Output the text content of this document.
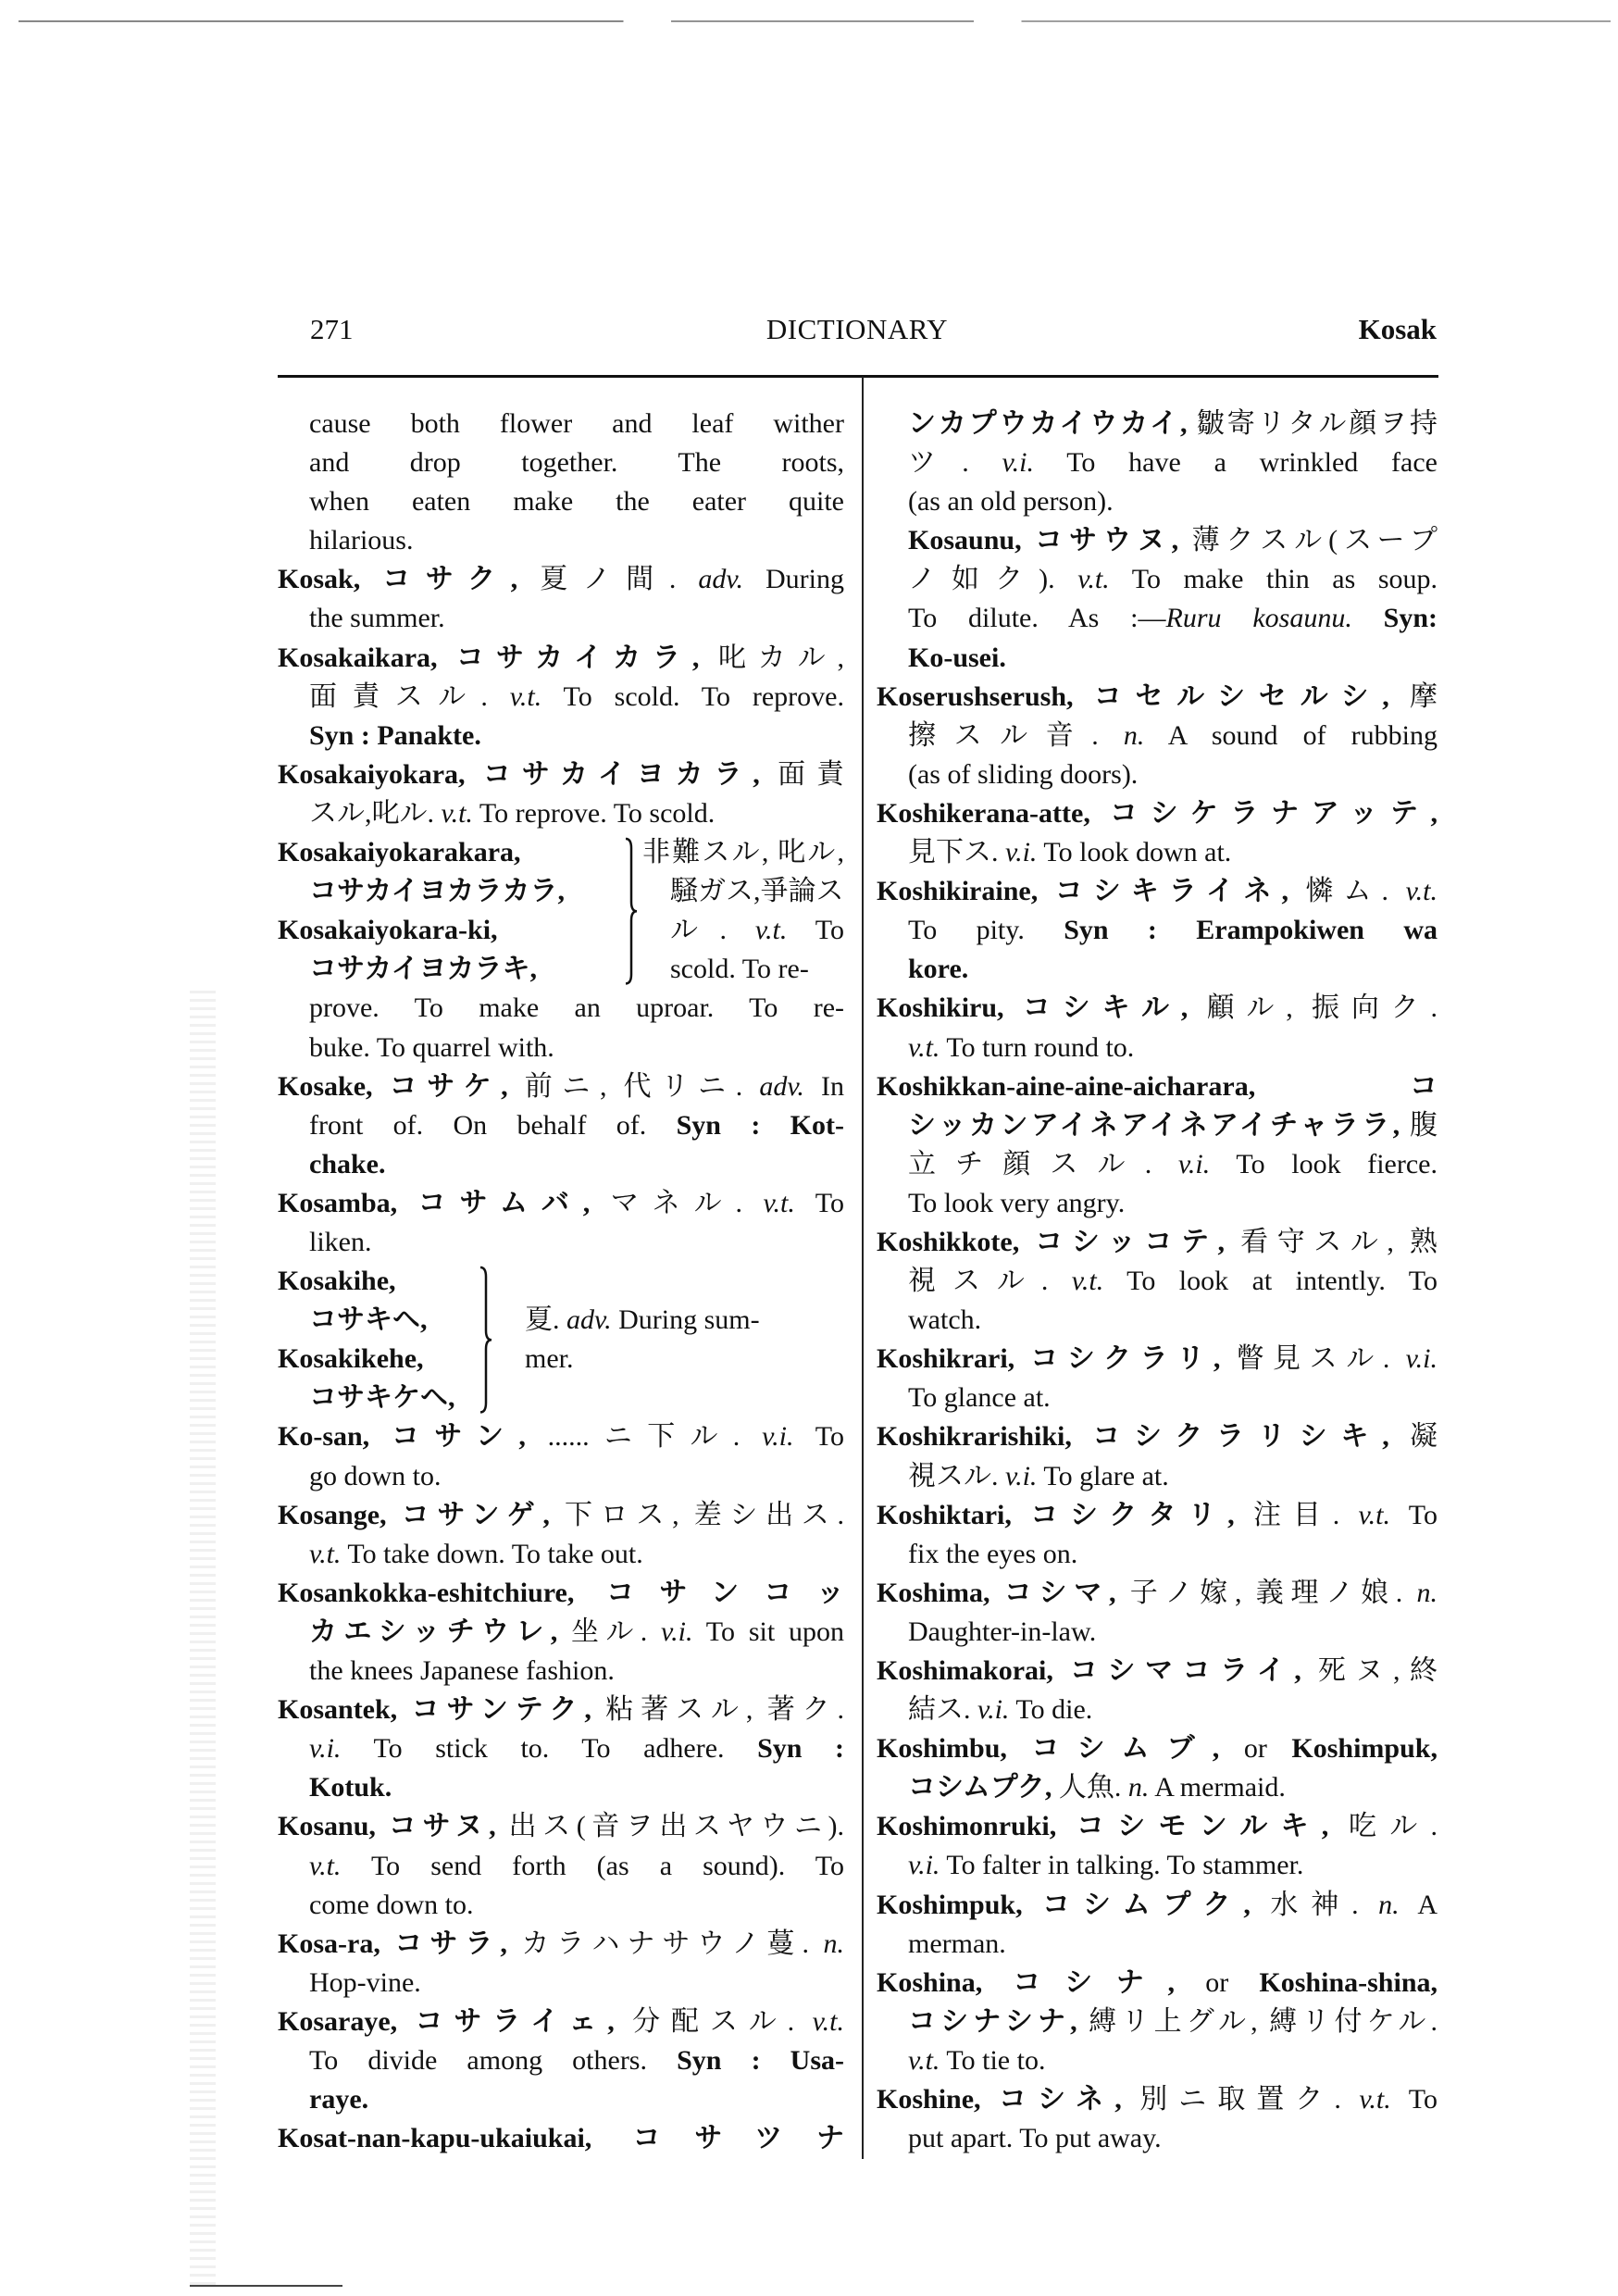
271	DICTIONARY	Kosak
cause both flower and leaf wither
and drop together. The roots,
when eaten make the eater quite
hilarious.
Kosak, コサク, 夏ノ間. adv. During
the summer.
Kosakaikara, コサカイカラ, 叱カル,
面責スル. v.t. To scold. To reprove.
Syn : Panakte.
Kosakaiyokara, コサカイヨカラ, 面責
スル,叱ル. v.t. To reprove. To scold.
Kosakaiyokarakara,
コサカイヨカラカラ,
Kosakaiyokara-ki,
コサカイヨカラキ,
非難スル, 叱ル,
騒ガス,爭論ス
ル. v.t. To
scold. To re-
prove. To make an uproar. To re-
buke. To quarrel with.
Kosake, コサケ, 前ニ, 代リニ. adv. In
front of. On behalf of. Syn : Kot-
chake.
Kosamba, コサムバ, マネル. v.t. To
liken.
Kosakihe,
コサキヘ,
Kosakikehe,
コサキケヘ,
夏. adv. During sum-
mer.
Ko-san, コサン, ......ニ下ル. v.i. To
go down to.
Kosange, コサンゲ, 下ロス, 差シ出ス.
v.t. To take down. To take out.
Kosankokka-eshitchiure, コサンコッ
カエシッチウレ, 坐ル. v.i. To sit upon
the knees Japanese fashion.
Kosantek, コサンテク, 粘著スル, 著ク.
v.i. To stick to. To adhere. Syn :
Kotuk.
Kosanu, コサヌ, 出ス(音ヲ出スヤウニ).
v.t. To send forth (as a sound). To
come down to.
Kosa-ra, コサラ, カラハナサウノ蔓. n.
Hop-vine.
Kosaraye, コサライェ, 分配スル. v.t.
To divide among others. Syn : Usa-
raye.
Kosat-nan-kapu-ukaiukai, コサツナ
ンカプウカイウカイ, 皺寄リタル顔ヲ持
ツ. v.i. To have a wrinkled face
(as an old person).
Kosaunu, コサウヌ, 薄クスル(スープ
ノ如ク). v.t. To make thin as soup.
To dilute. As :—Ruru kosaunu. Syn:
Ko-usei.
Koserushserush, コセルシセルシ, 摩
擦スル音. n. A sound of rubbing
(as of sliding doors).
Koshikerana-atte, コシケラナアッテ,
見下ス. v.i. To look down at.
Koshikiraine, コシキライネ, 憐ム. v.t.
To pity. Syn : Erampokiwen wa
kore.
Koshikiru, コシキル, 顧ル, 振向ク.
v.t. To turn round to.
Koshikkan-aine-aine-aicharara, コ
シッカンアイネアイネアイチャララ, 腹
立チ顔スル. v.i. To look fierce.
To look very angry.
Koshikkote, コシッコテ, 看守スル, 熟
視スル. v.t. To look at intently. To
watch.
Koshikrari, コシクラリ, 瞥見スル. v.i.
To glance at.
Koshikrarishiki, コシクラリシキ, 凝
視スル. v.i. To glare at.
Koshiktari, コシクタリ, 注目. v.t. To
fix the eyes on.
Koshima, コシマ, 子ノ嫁, 義理ノ娘. n.
Daughter-in-law.
Koshimakorai, コシマコライ, 死ヌ,終
結ス. v.i. To die.
Koshimbu, コシムブ, or Koshimpuk,
コシムプク, 人魚. n. A mermaid.
Koshimonruki, コシモンルキ, 吃ル.
v.i. To falter in talking. To stammer.
Koshimpuk, コシムプク, 水神. n. A
merman.
Koshina, コシナ, or Koshina-shina,
コシナシナ, 縛リ上グル, 縛リ付ケル.
v.t. To tie to.
Koshine, コシネ, 別ニ取置ク. v.t. To
put apart. To put away.
